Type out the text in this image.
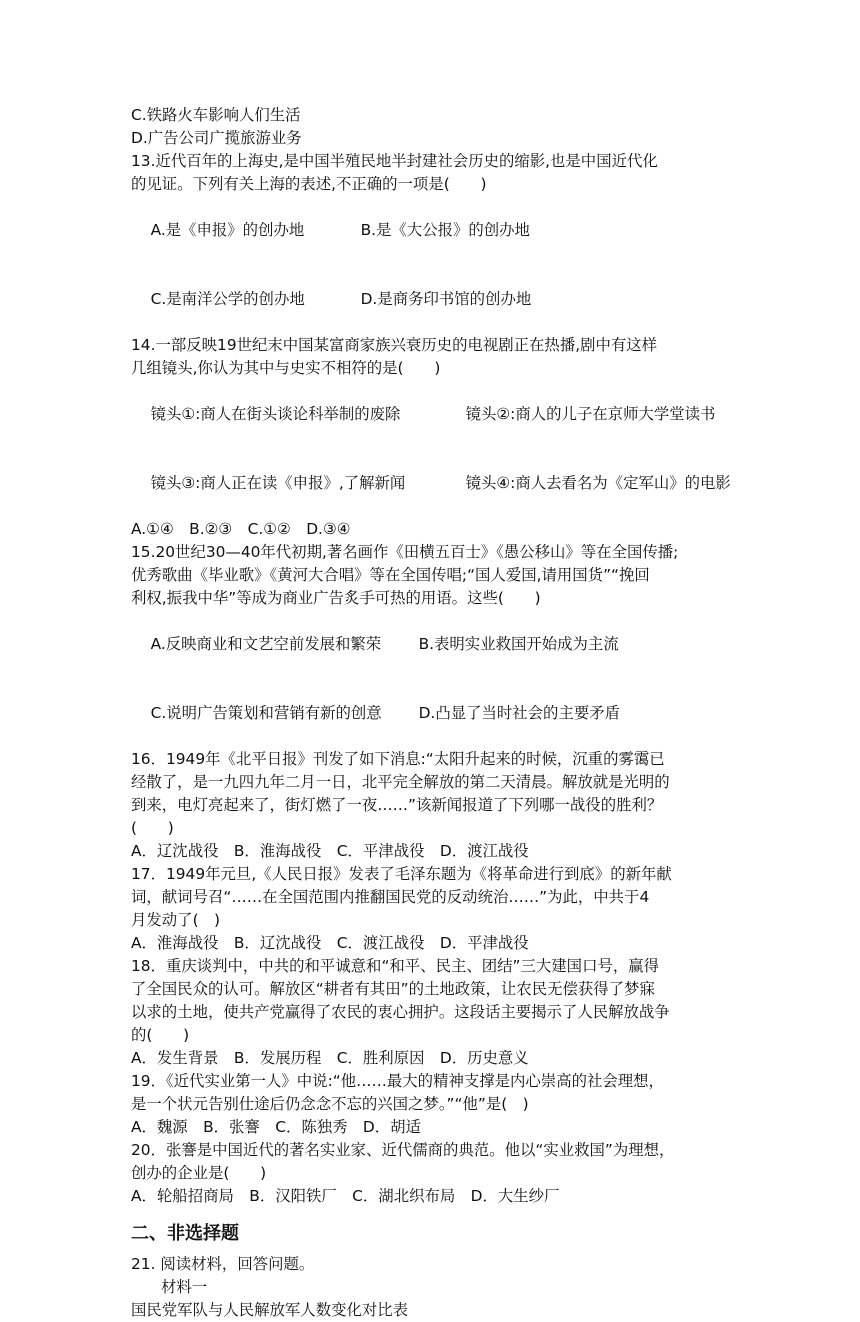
C.铁路火车影响人们生活
D.广告公司广揽旅游业务
13.近代百年的上海史,是中国半殖民地半封建社会历史的缩影,也是中国近代化
的见证。下列有关上海的表述,不正确的一项是(　　)

A.是《申报》的创办地	B.是《大公报》的创办地

C.是南洋公学的创办地	D.是商务印书馆的创办地

14.一部反映19世纪末中国某富商家族兴衰历史的电视剧正在热播,剧中有这样
几组镜头,你认为其中与史实不相符的是(　　)

镜头①:商人在街头谈论科举制的废除	镜头②:商人的儿子在京师大学堂读书

镜头③:商人正在读《申报》,了解新闻	镜头④:商人去看名为《定军山》的电影

A.①④　B.②③　C.①②　D.③④
15.20世纪30—40年代初期,著名画作《田横五百士》《愚公移山》等在全国传播;
优秀歌曲《毕业歌》《黄河大合唱》等在全国传唱;“国人爱国,请用国货”“挽回
利权,振我中华”等成为商业广告炙手可热的用语。这些(　　)

A.反映商业和文艺空前发展和繁荣 B.表明实业救国开始成为主流

C.说明广告策划和营销有新的创意 D.凸显了当时社会的主要矛盾

16．1949年《北平日报》刊发了如下消息:“太阳升起来的时候，沉重的雾霭已
经散了，是一九四九年二月一日，北平完全解放的第二天清晨。解放就是光明的
到来，电灯亮起来了，街灯燃了一夜……”该新闻报道了下列哪一战役的胜利？
(　　)
A．辽沈战役　B．淮海战役　C．平津战役　D．渡江战役
17．1949年元旦,《人民日报》发表了毛泽东题为《将革命进行到底》的新年献
词，献词号召“……在全国范围内推翻国民党的反动统治……”为此，中共于4
月发动了(　)
A．淮海战役　B．辽沈战役　C．渡江战役　D．平津战役
18．重庆谈判中，中共的和平诚意和“和平、民主、团结”三大建国口号，赢得
了全国民众的认可。解放区“耕者有其田”的土地政策，让农民无偿获得了梦寐
以求的土地，使共产党赢得了农民的衷心拥护。这段话主要揭示了人民解放战争
的(　　)
A．发生背景　B．发展历程　C．胜利原因　D．历史意义
19．《近代实业第一人》中说:“他……最大的精神支撑是内心崇高的社会理想，
是一个状元告别仕途后仍念念不忘的兴国之梦。”“他”是(　)
A．魏源　B．张謇　C．陈独秀　D．胡适
20．张謇是中国近代的著名实业家、近代儒商的典范。他以“实业救国”为理想，
创办的企业是(　　)
A．轮船招商局　B．汉阳铁厂　C．湖北织布局　D．大生纱厂
二、非选择题
21. 阅读材料，回答问题。
材料一
国民党军队与人民解放军人数变化对比表
